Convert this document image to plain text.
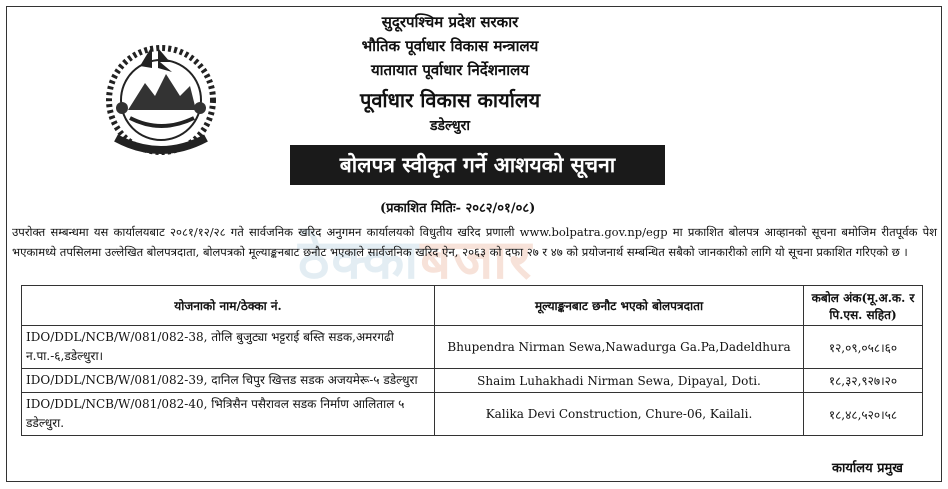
सुदूरपश्चिम प्रदेश सरकार
भौतिक पूर्वाधार विकास मन्त्रालय
यातायात पूर्वाधार निर्देशनालय
पूर्वाधार विकास कार्यालय
डडेल्धुरा
बोलपत्र स्वीकृत गर्ने आशयको सूचना
(प्रकाशित मितिः- २०८२/०१/०८)
ठेक्काबजार
उपरोक्त सम्बन्धमा यस कार्यालयबाट २०८१/१२/२८ गते सार्वजनिक खरिद अनुगमन कार्यालयको विधुतीय खरिद प्रणाली www.bolpatra.gov.np/egp मा प्रकाशित बोलपत्र आव्हानको सूचना बमोजिम रीतपूर्वक पेश भएकामध्ये तपसिलमा उल्लेखित बोलपत्रदाता, बोलपत्रको मूल्याङ्कनबाट छनौट भएकाले सार्वजनिक खरिद ऐन, २०६३ को दफा २७ र ४७ को प्रयोजनार्थ सम्बन्धित सबैको जानकारीको लागि यो सूचना प्रकाशित गरिएको छ ।
योजनाको नाम/ठेक्का नं.	मूल्याङ्कनबाट छनौट भएको बोलपत्रदाता	कबोल अंक(मू.अ.क. र पि.एस. सहित)
IDO/DDL/NCB/W/081/082-38, तोलि बुजुट्या भट्टराई बस्ति सडक,अमरगढी न.पा.-६,डडेल्धुरा।	Bhupendra Nirman Sewa,Nawadurga Ga.Pa,Dadeldhura	१२,०९,०५८।६०
IDO/DDL/NCB/W/081/082-39, दानिल चिपुर खित्तड सडक अजयमेरू-५ डडेल्धुरा	Shaim Luhakhadi Nirman Sewa, Dipayal, Doti.	१८,३२,९२७।२०
IDO/DDL/NCB/W/081/082-40, भित्रिसैन पसैरावल सडक निर्माण आलिताल ५ डडेल्धुरा.	Kalika Devi Construction, Chure-06, Kailali.	१८,४८,५२०।५८
कार्यालय प्रमुख
